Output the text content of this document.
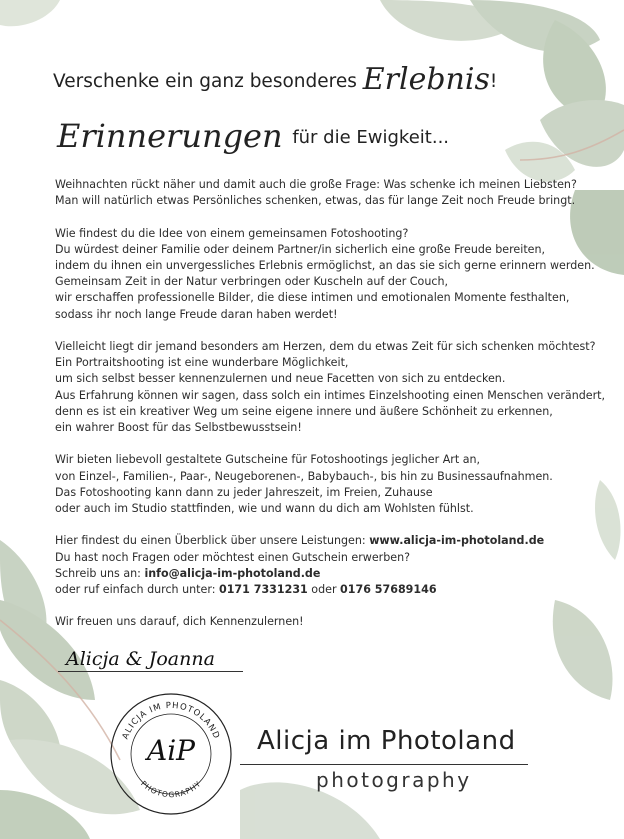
Verschenke ein ganz besonderes Erlebnis!
Erinnerungen für die Ewigkeit...

Weihnachten rückt näher und damit auch die große Frage: Was schenke ich meinen Liebsten?
Man will natürlich etwas Persönliches schenken, etwas, das für lange Zeit noch Freude bringt.

Wie findest du die Idee von einem gemeinsamen Fotoshooting?
Du würdest deiner Familie oder deinem Partner/in sicherlich eine große Freude bereiten,
indem du ihnen ein unvergessliches Erlebnis ermöglichst, an das sie sich gerne erinnern werden.
Gemeinsam Zeit in der Natur verbringen oder Kuscheln auf der Couch,
wir erschaffen professionelle Bilder, die diese intimen und emotionalen Momente festhalten,
sodass ihr noch lange Freude daran haben werdet!

Vielleicht liegt dir jemand besonders am Herzen, dem du etwas Zeit für sich schenken möchtest?
Ein Portraitshooting ist eine wunderbare Möglichkeit,
um sich selbst besser kennenzulernen und neue Facetten von sich zu entdecken.
Aus Erfahrung können wir sagen, dass solch ein intimes Einzelshooting einen Menschen verändert,
denn es ist ein kreativer Weg um seine eigene innere und äußere Schönheit zu erkennen,
ein wahrer Boost für das Selbstbewusstsein!

Wir bieten liebevoll gestaltete Gutscheine für Fotoshootings jeglicher Art an,
von Einzel-, Familien-, Paar-, Neugeborenen-, Babybauch-, bis hin zu Businessaufnahmen.
Das Fotoshooting kann dann zu jeder Jahreszeit, im Freien, Zuhause
oder auch im Studio stattfinden, wie und wann du dich am Wohlsten fühlst.

Hier findest du einen Überblick über unsere Leistungen: www.alicja-im-photoland.de
Du hast noch Fragen oder möchtest einen Gutschein erwerben?
Schreib uns an: info@alicja-im-photoland.de
oder ruf einfach durch unter: 0171 7331231 oder 0176 57689146

Wir freuen uns darauf, dich Kennenzulernen!

Alicja & Joanna
ALICJA IM PHOTOLAND
PHOTOGRAPHY
AiP	Alicja im Photoland
photography
